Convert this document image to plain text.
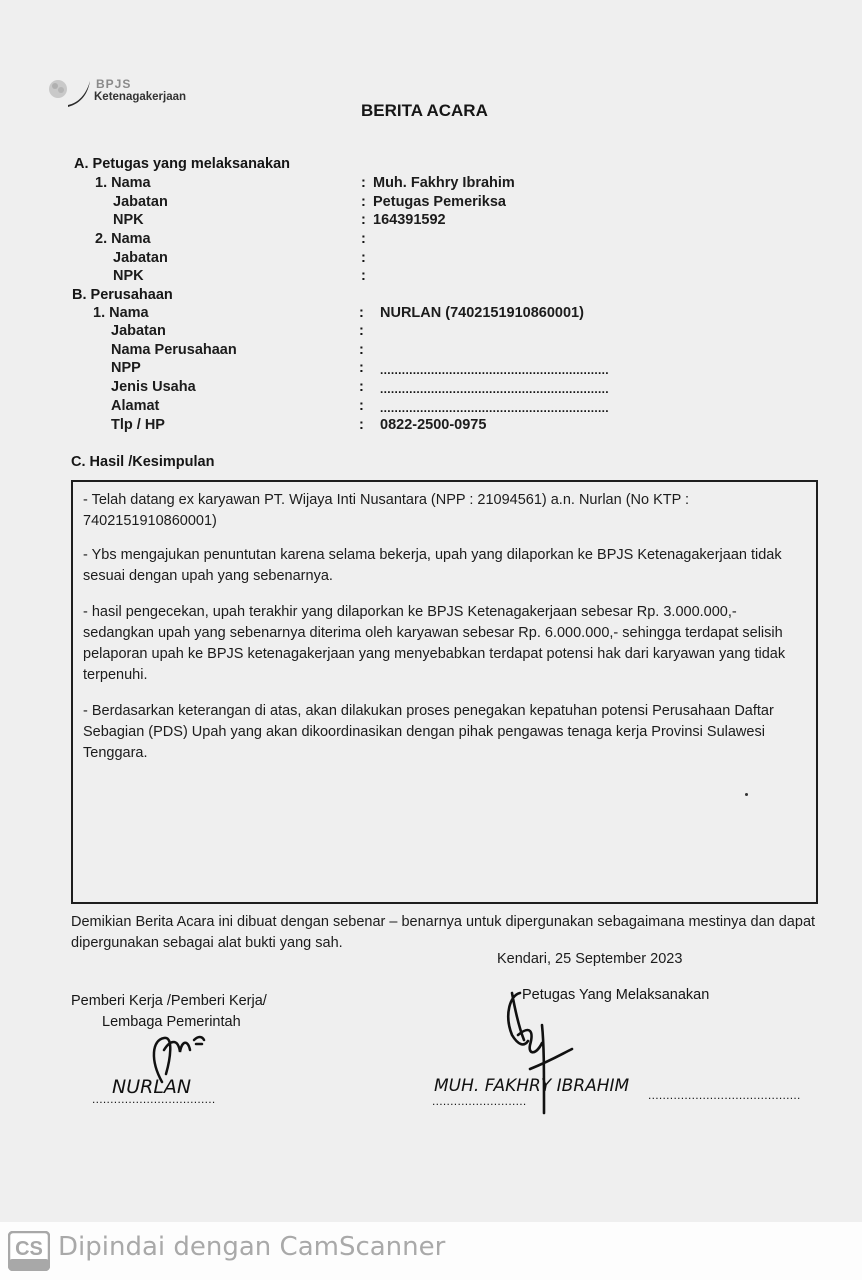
BPJS
Ketenagakerjaan
BERITA ACARA
A. Petugas yang melaksanakan
1. Nama	: Muh. Fakhry Ibrahim
Jabatan	: Petugas Pemeriksa
NPK	: 164391592
2. Nama	:
Jabatan	:
NPK	:
B. Perusahaan
1. Nama	: NURLAN (7402151910860001)
Jabatan	:
Nama Perusahaan	:
NPP	: ...............................................................
Jenis Usaha	: ...............................................................
Alamat	: ...............................................................
Tlp / HP	: 0822-2500-0975
C. Hasil /Kesimpulan
- Telah datang ex karyawan PT. Wijaya Inti Nusantara (NPP : 21094561) a.n. Nurlan (No KTP : 7402151910860001)
- Ybs mengajukan penuntutan karena selama bekerja, upah yang dilaporkan ke BPJS Ketenagakerjaan tidak sesuai dengan upah yang sebenarnya.
- hasil pengecekan, upah terakhir yang dilaporkan ke BPJS Ketenagakerjaan sebesar Rp. 3.000.000,- sedangkan upah yang sebenarnya diterima oleh karyawan sebesar Rp. 6.000.000,- sehingga terdapat selisih pelaporan upah ke BPJS ketenagakerjaan yang menyebabkan terdapat potensi hak dari karyawan yang tidak terpenuhi.
- Berdasarkan keterangan di atas, akan dilakukan proses penegakan kepatuhan potensi Perusahaan Daftar Sebagian (PDS) Upah yang akan dikoordinasikan dengan pihak pengawas tenaga kerja Provinsi Sulawesi Tenggara.
Demikian Berita Acara ini dibuat dengan sebenar – benarnya untuk dipergunakan sebagaimana mestinya dan dapat dipergunakan sebagai alat bukti yang sah.
Kendari, 25 September 2023
Pemberi Kerja /Pemberi Kerja/
Lembaga Pemerintah
NURLAN
..................................
Petugas Yang Melaksanakan
MUH. FAKHRY IBRAHIM
..........................	..........................................
CS Dipindai dengan CamScanner
